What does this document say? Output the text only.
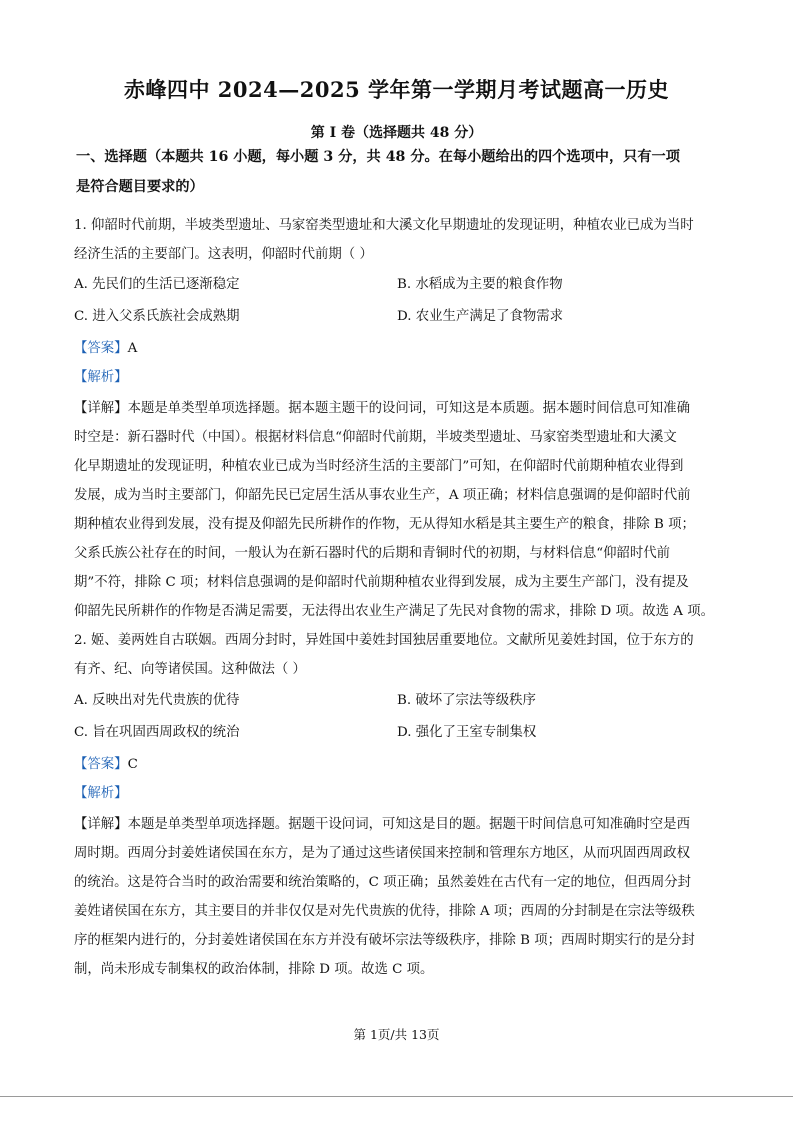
赤峰四中 2024—2025 学年第一学期月考试题高一历史
第 I 卷（选择题共 48 分）
一、选择题（本题共 16 小题，每小题 3 分，共 48 分。在每小题给出的四个选项中，只有一项
是符合题目要求的）
1. 仰韶时代前期，半坡类型遗址、马家窑类型遗址和大溪文化早期遗址的发现证明，种植农业已成为当时
经济生活的主要部门。这表明，仰韶时代前期（ ）
A. 先民们的生活已逐渐稳定	B. 水稻成为主要的粮食作物
C. 进入父系氏族社会成熟期	D. 农业生产满足了食物需求
【答案】A
【解析】
【详解】本题是单类型单项选择题。据本题主题干的设问词，可知这是本质题。据本题时间信息可知准确
时空是：新石器时代（中国）。根据材料信息“仰韶时代前期，半坡类型遗址、马家窑类型遗址和大溪文
化早期遗址的发现证明，种植农业已成为当时经济生活的主要部门”可知，在仰韶时代前期种植农业得到
发展，成为当时主要部门，仰韶先民已定居生活从事农业生产，A 项正确；材料信息强调的是仰韶时代前
期种植农业得到发展，没有提及仰韶先民所耕作的作物，无从得知水稻是其主要生产的粮食，排除 B 项；
父系氏族公社存在的时间，一般认为在新石器时代的后期和青铜时代的初期，与材料信息“仰韶时代前
期”不符，排除 C 项；材料信息强调的是仰韶时代前期种植农业得到发展，成为主要生产部门，没有提及
仰韶先民所耕作的作物是否满足需要，无法得出农业生产满足了先民对食物的需求，排除 D 项。故选 A 项。
2. 姬、姜两姓自古联姻。西周分封时，异姓国中姜姓封国独居重要地位。文献所见姜姓封国，位于东方的
有齐、纪、向等诸侯国。这种做法（ ）
A. 反映出对先代贵族的优待	B. 破坏了宗法等级秩序
C. 旨在巩固西周政权的统治	D. 强化了王室专制集权
【答案】C
【解析】
【详解】本题是单类型单项选择题。据题干设问词，可知这是目的题。据题干时间信息可知准确时空是西
周时期。西周分封姜姓诸侯国在东方，是为了通过这些诸侯国来控制和管理东方地区，从而巩固西周政权
的统治。这是符合当时的政治需要和统治策略的，C 项正确；虽然姜姓在古代有一定的地位，但西周分封
姜姓诸侯国在东方，其主要目的并非仅仅是对先代贵族的优待，排除 A 项；西周的分封制是在宗法等级秩
序的框架内进行的，分封姜姓诸侯国在东方并没有破坏宗法等级秩序，排除 B 项；西周时期实行的是分封
制，尚未形成专制集权的政治体制，排除 D 项。故选 C 项。
第 1页/共 13页
